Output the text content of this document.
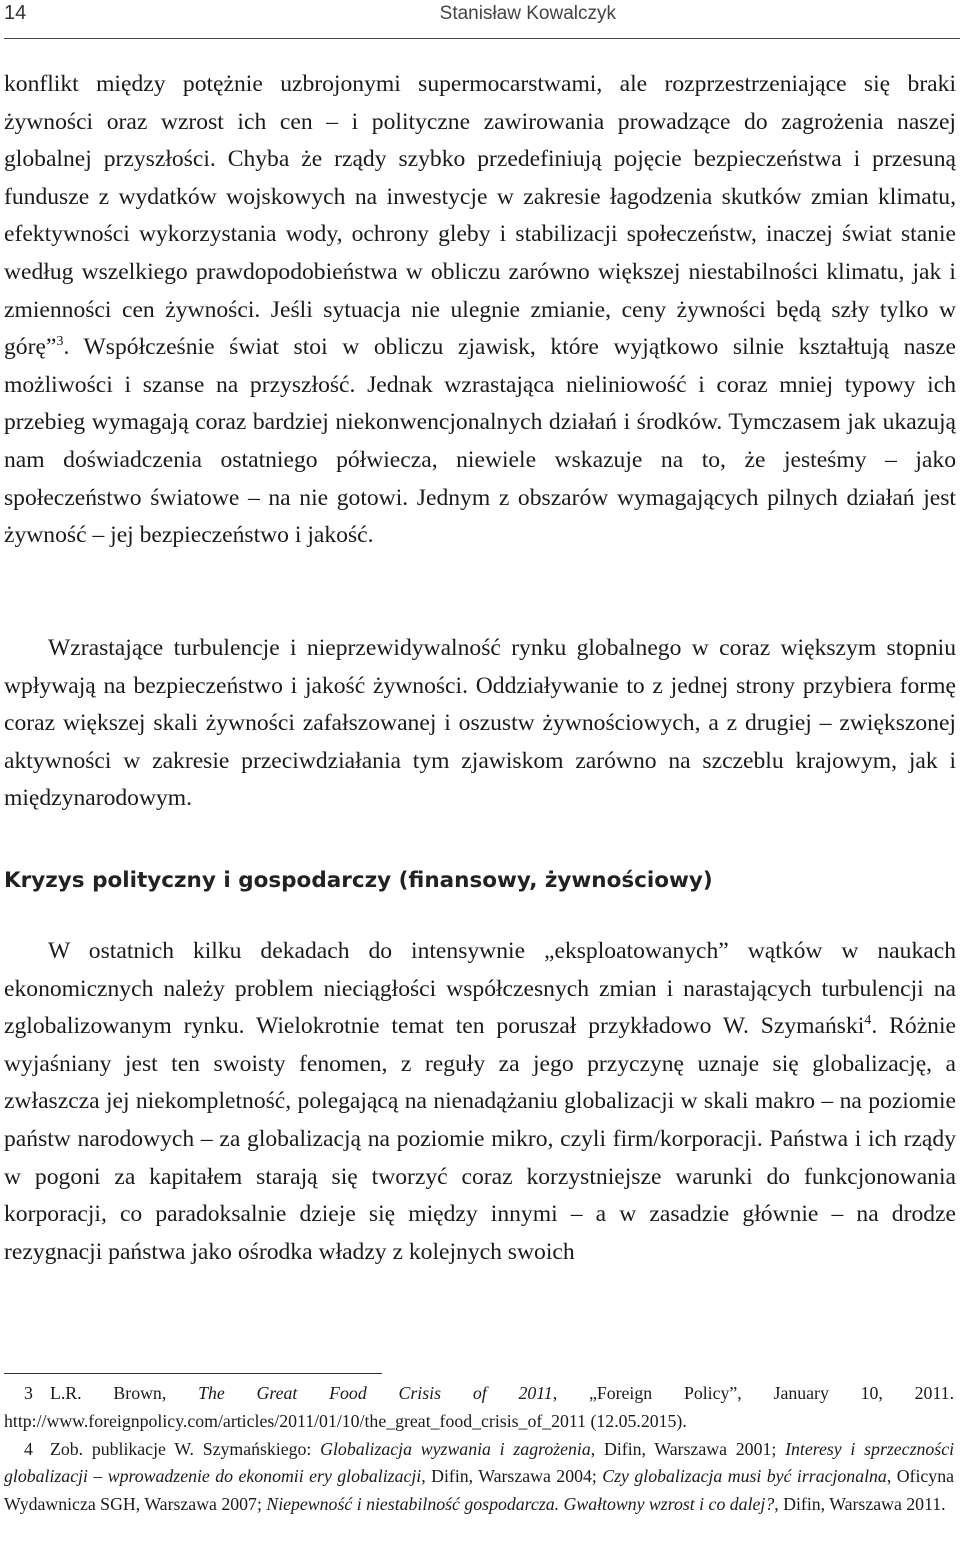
14	Stanisław Kowalczyk

konflikt między potężnie uzbrojonymi supermocarstwami, ale rozprzestrzeniające się braki żywności oraz wzrost ich cen – i polityczne zawirowania prowadzące do zagrożenia naszej globalnej przyszłości. Chyba że rządy szybko przedefiniują pojęcie bezpieczeństwa i przesuną fundusze z wydatków wojskowych na inwestycje w zakresie łagodzenia skutków zmian klimatu, efektywności wykorzystania wody, ochrony gleby i stabilizacji społeczeństw, inaczej świat stanie według wszelkiego prawdopodobieństwa w obliczu zarówno większej niestabilności klimatu, jak i zmienności cen żywności. Jeśli sytuacja nie ulegnie zmianie, ceny żywności będą szły tylko w górę”$^3$. Współcześnie świat stoi w obliczu zjawisk, które wyjątkowo silnie kształtują nasze możliwości i szanse na przyszłość. Jednak wzrastająca nieliniowość i coraz mniej typowy ich przebieg wymagają coraz bardziej niekonwencjonalnych działań i środków. Tymczasem jak ukazują nam doświadczenia ostatniego półwiecza, niewiele wskazuje na to, że jesteśmy – jako społeczeństwo światowe – na nie gotowi. Jednym z obszarów wymagających pilnych działań jest żywność – jej bezpieczeństwo i jakość.

Wzrastające turbulencje i nieprzewidywalność rynku globalnego w coraz większym stopniu wpływają na bezpieczeństwo i jakość żywności. Oddziaływanie to z jednej strony przybiera formę coraz większej skali żywności zafałszowanej i oszustw żywnościowych, a z drugiej – zwiększonej aktywności w zakresie przeciwdziałania tym zjawiskom zarówno na szczeblu krajowym, jak i międzynarodowym.

Kryzys polityczny i gospodarczy (finansowy, żywnościowy)

W ostatnich kilku dekadach do intensywnie „eksploatowanych” wątków w naukach ekonomicznych należy problem nieciągłości współczesnych zmian i narastających turbulencji na zglobalizowanym rynku. Wielokrotnie temat ten poruszał przykładowo W. Szymański$^4$. Różnie wyjaśniany jest ten swoisty fenomen, z reguły za jego przyczynę uznaje się globalizację, a zwłaszcza jej niekompletność, polegającą na nienadążaniu globalizacji w skali makro – na poziomie państw narodowych – za globalizacją na poziomie mikro, czyli firm/korporacji. Państwa i ich rządy w pogoni za kapitałem starają się tworzyć coraz korzystniejsze warunki do funkcjonowania korporacji, co paradoksalnie dzieje się między innymi – a w zasadzie głównie – na drodze rezygnacji państwa jako ośrodka władzy z kolejnych swoich

3 L.R. Brown, The Great Food Crisis of 2011, „Foreign Policy”, January 10, 2011. http://www.foreignpolicy.com/articles/2011/01/10/the_great_food_crisis_of_2011 (12.05.2015).

4 Zob. publikacje W. Szymańskiego: Globalizacja wyzwania i zagrożenia, Difin, Warszawa 2001; Interesy i sprzeczności globalizacji – wprowadzenie do ekonomii ery globalizacji, Difin, Warszawa 2004; Czy globalizacja musi być irracjonalna, Oficyna Wydawnicza SGH, Warszawa 2007; Niepewność i niestabilność gospodarcza. Gwałtowny wzrost i co dalej?, Difin, Warszawa 2011.
